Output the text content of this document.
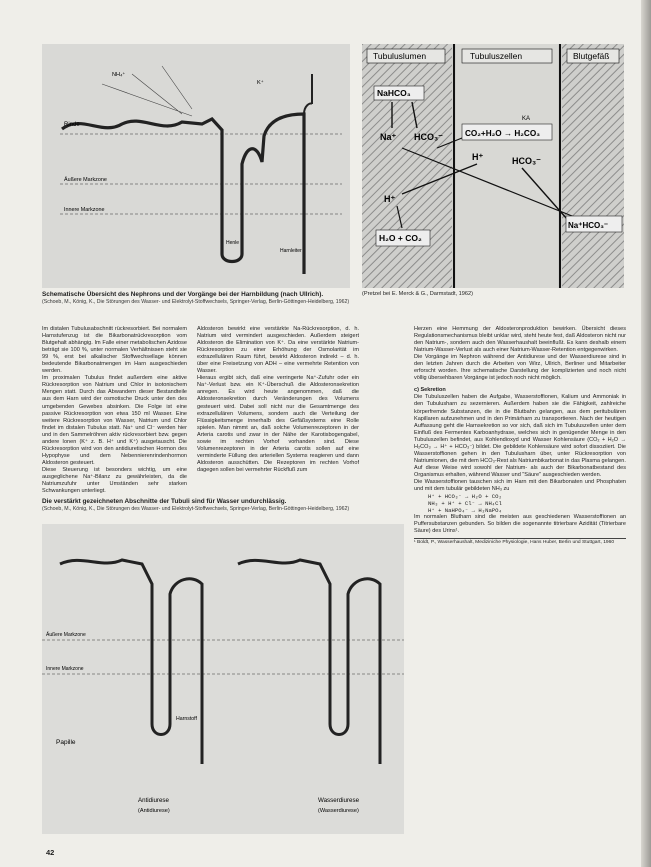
Rinde
Äußere Markzone
Innere Markzone
NH₄⁺
K⁺
Henle
Harnleiter
Tubuluslumen	Tubuluszellen	Blutgefäß
NaHCO₃
Na⁺ HCO₃⁻
H⁺
H₂O + CO₂
CO₂+H₂O → H₂CO₃
KA
H⁺	HCO₃⁻
Na⁺HCO₃⁻
Schematische Übersicht des Nephrons und der Vorgänge bei der Harnbildung (nach Ullrich).
(Schoeb, M., König, K., Die Störungen des Wasser- und Elektrolyt-Stoffwechsels, Springer-Verlag, Berlin-Göttingen-Heidelberg, 1962)
(Pretzel bei E. Merck & G., Darmstadt, 1962)

Im distalen Tubulusabschnitt rückresorbiert. Bei normalem Harnstufenzug ist die Bikarbonatrückresorption vom Blutgehalt abhängig. Im Falle einer metabolischen Azidose beträgt sie 100 %, unter normalen Verhältnissen steht sie 99 %, erst bei alkalischer Stoffwechsellage können bedeutende Bikarbonatmengen im Harn ausgeschieden werden.

Im proximalen Tubulus findet außerdem eine aktive Rückresorption von Natrium und Chlor in isotonischem Mengen statt. Durch das Abwandern dieser Bestandteile aus dem Harn wird der osmotische Druck unter den des umgebenden Gewebes absinken. Die Folge ist eine passive Rückresorption von etwa 150 ml Wasser. Eine weitere Rückresorption von Wasser, Natrium und Chlor findet im distalen Tubulus statt. Na⁺ und Cl⁻ werden hier und in den Sammelröhren aktiv rückresorbiert bzw. gegen andere Ionen (K⁺ z. B. H⁺ und K⁺) ausgetauscht. Die Rückresorption wird von den antidiuretischen Hormon des Hypophyse und dem Nebennierenrindenhormon Aldosteron gesteuert.

Diese Steuerung ist besonders wichtig, um eine ausgeglichene Na⁺-Bilanz zu gewährleisten, da die Natriumzufuhr unter Umständen sehr starken Schwankungen unterliegt.

Aldosteron bewirkt eine verstärkte Na-Rückresorption, d. h. Natrium wird vermindert ausgeschieden. Außerdem steigert Aldosteron die Elimination von K⁺. Da eine verstärkte Natrium-Rückresorption zu einer Erhöhung der Osmolarität im extrazellulären Raum führt, bewirkt Aldosteron indirekt – d. h. über eine Freisetzung von ADH – eine vermehrte Retention von Wasser.

Hieraus ergibt sich, daß eine verringerte Na⁺-Zufuhr oder ein Na⁺-Verlust bzw. ein K⁺-Überschuß die Aldosteronsekretion anregen. Es wird heute angenommen, daß die Aldosteronsekretion durch Veränderungen des Volumens gesteuert wird. Dabei soll nicht nur die Gesamtmenge des extrazellulären Volumens, sondern auch die Verteilung der Flüssigkeitsmenge innerhalb des Gefäßsystems eine Rolle spielen. Man nimmt an, daß solche Volumenrezeptoren in der Arteria carotis und zwar in der Nähe der Karotisbogengabel, sowie im rechten Vorhof vorhanden sind. Diese Volumenrezeptoren in der Arteria carotis sollen auf eine verminderte Füllung des arteriellen Systems reagieren und dann Aldosteron ausschütten. Die Rezeptoren im rechten Vorhof dagegen sollen bei vermehrter Rückfluß zum

Die verstärkt gezeichneten Abschnitte der Tubuli sind für Wasser undurchlässig.
(Schoeb, M., König, K., Die Störungen des Wasser- und Elektrolyt-Stoffwechsels, Springer-Verlag, Berlin-Göttingen-Heidelberg, 1962)
Äußere Markzone
Innere Markzone
Papille
Harnstoff
Antidiurese
(Antidiurese)
Wasserdiurese
(Wasserdiurese)

Herzen eine Hemmung der Aldosteronproduktion bewirken. Übersicht dieses Regulationsmechanismus bleibt unklar wird, steht heute fest, daß Aldosteron nicht nur den Natrium-, sondern auch den Wasserhaushalt beeinflußt. Es kann deshalb einem Natrium-Wasser-Verlust als auch einer Natrium-Wasser-Retention entgegenwirken.

Die Vorgänge im Nephron während der Antidiurese und der Wasserdiurese sind in den letzten Jahren durch die Arbeiten von Wirz, Ullrich, Berliner und Mitarbeiter erforscht worden. Ihre schematische Darstellung der komplizierten und noch nicht völlig übersehbaren Vorgänge ist jedoch noch nicht möglich.

c) Sekretion

Die Tubuluszellen haben die Aufgabe, Wasserstoffionen, Kalium und Ammoniak in den Tubulusharn zu sezernieren. Außerdem haben sie die Fähigkeit, zahlreiche körperfremde Substanzen, die in die Blutbahn gelangen, aus dem peritubulären Kapillaren aufzunehmen und in den Primärharn zu transportieren. Nach der heutigen Auffassung geht die Harnsekretion so vor sich, daß sich im Tubuluszellen unter dem Einfluß des Fermentes Karboanhydrase, welches sich in genügender Menge in den Tubuluszellen befindet, aus Kohlendioxyd und Wasser Kohlensäure (CO₂ + H₂O → H₂CO₃ → H⁺ + HCO₃⁻) bildet. Die gebildete Kohlensäure wird sofort dissoziiert. Die Wasserstoffionen gehen in den Tubulusharn über, unter Rückresorption von Natriumionen, die mit dem HCO₃-Rest als Natriumbikarbonat in das Plasma gelangen.

Auf diese Weise wird sowohl der Natrium- als auch der Bikarbonatbestand des Organismus erhalten, während Wasser und "Säure" ausgeschieden werden.

Die Wasserstoffionen tauschen sich im Harn mit den Bikarbonaten und Phosphaten und mit dem tubulär gebildeten NH₃ zu

H⁺ + HCO₃⁻ → H₂O + CO₂

NH₃ + H⁺ + Cl⁻ → NH₄Cl

H⁺ + NaHPO₄⁻ → H₂NaPO₄

Im normalen Blutharn sind die meisten aus geschiedenen Wasserstoffionen an Puffersubstanzen gebunden. So bilden die sogenannte titrierbare Azidität (Titrierbare Säure) des Urins¹.

¹ Boldt, P., Wasserhaushalt, Mediziniche Physiologie, Hans Huber, Berlin und Stuttgart, 1960

42
